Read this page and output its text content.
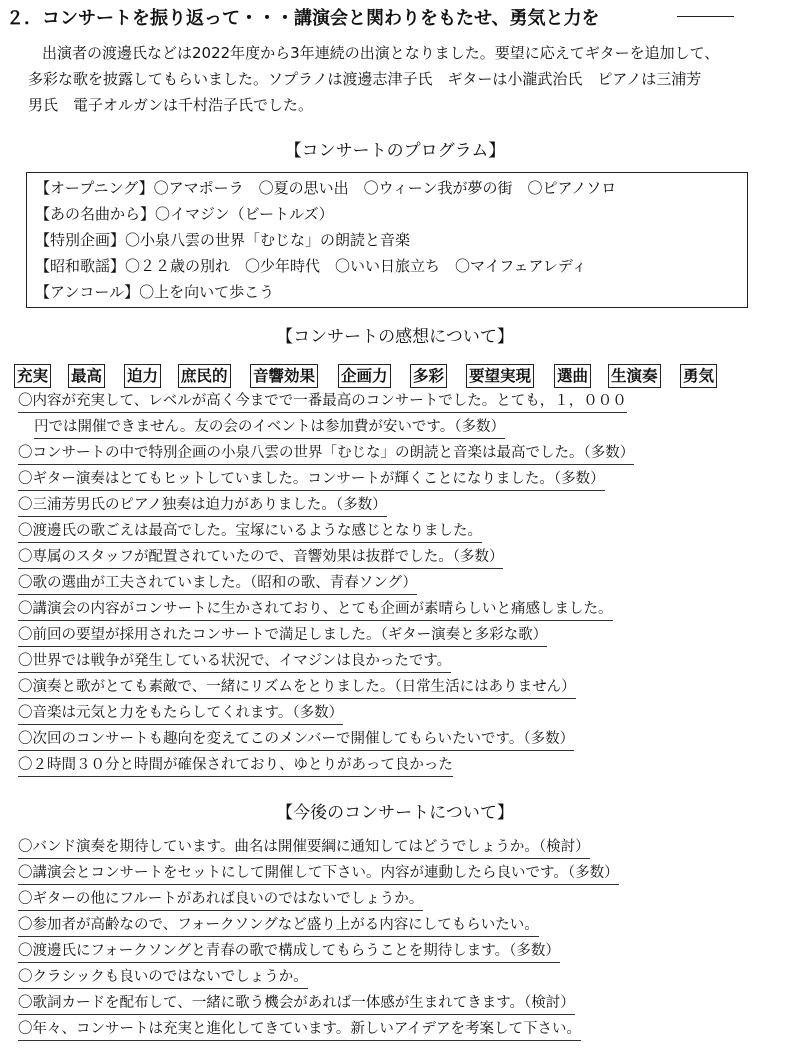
２．コンサートを振り返って・・・講演会と関わりをもたせ、勇気と力を

出演者の渡邊氏などは2022年度から3年連続の出演となりました。要望に応えてギターを追加して、

多彩な歌を披露してもらいました。ソプラノは渡邊志津子氏　ギターは小瀧武治氏　ピアノは三浦芳

男氏　電子オルガンは千村浩子氏でした。

【コンサートのプログラム】
【オープニング】〇アマポーラ　〇夏の思い出　〇ウィーン我が夢の街　〇ピアノソロ
【あの名曲から】〇イマジン（ビートルズ）
【特別企画】〇小泉八雲の世界「むじな」の朗読と音楽
【昭和歌謡】〇２２歳の別れ　〇少年時代　〇いい日旅立ち　〇マイフェアレディ
【アンコール】〇上を向いて歩こう
【コンサートの感想について】
充実 最高 迫力 庶民的 音響効果 企画力 多彩 要望実現 選曲 生演奏 勇気
〇内容が充実して、レベルが高く今までで一番最高のコンサートでした。とても，１，０００
円では開催できません。友の会のイベントは参加費が安いです。（多数）
〇コンサートの中で特別企画の小泉八雲の世界「むじな」の朗読と音楽は最高でした。（多数）
〇ギター演奏はとてもヒットしていました。コンサートが輝くことになりました。（多数）
〇三浦芳男氏のピアノ独奏は迫力がありました。（多数）
〇渡邊氏の歌ごえは最高でした。宝塚にいるような感じとなりました。
〇専属のスタッフが配置されていたので、音響効果は抜群でした。（多数）
〇歌の選曲が工夫されていました。（昭和の歌、青春ソング）
〇講演会の内容がコンサートに生かされており、とても企画が素晴らしいと痛感しました。
〇前回の要望が採用されたコンサートで満足しました。（ギター演奏と多彩な歌）
〇世界では戦争が発生している状況で、イマジンは良かったです。
〇演奏と歌がとても素敵で、一緒にリズムをとりました。（日常生活にはありません）
〇音楽は元気と力をもたらしてくれます。（多数）
〇次回のコンサートも趣向を変えてこのメンバーで開催してもらいたいです。（多数）
〇２時間３０分と時間が確保されており、ゆとりがあって良かった
【今後のコンサートについて】
〇バンド演奏を期待しています。曲名は開催要綱に通知してはどうでしょうか。（検討）
〇講演会とコンサートをセットにして開催して下さい。内容が連動したら良いです。（多数）
〇ギターの他にフルートがあれば良いのではないでしょうか。
〇参加者が高齢なので、フォークソングなど盛り上がる内容にしてもらいたい。
〇渡邊氏にフォークソングと青春の歌で構成してもらうことを期待します。（多数）
〇クラシックも良いのではないでしょうか。
〇歌詞カードを配布して、一緒に歌う機会があれば一体感が生まれてきます。（検討）
〇年々、コンサートは充実と進化してきています。新しいアイデアを考案して下さい。
